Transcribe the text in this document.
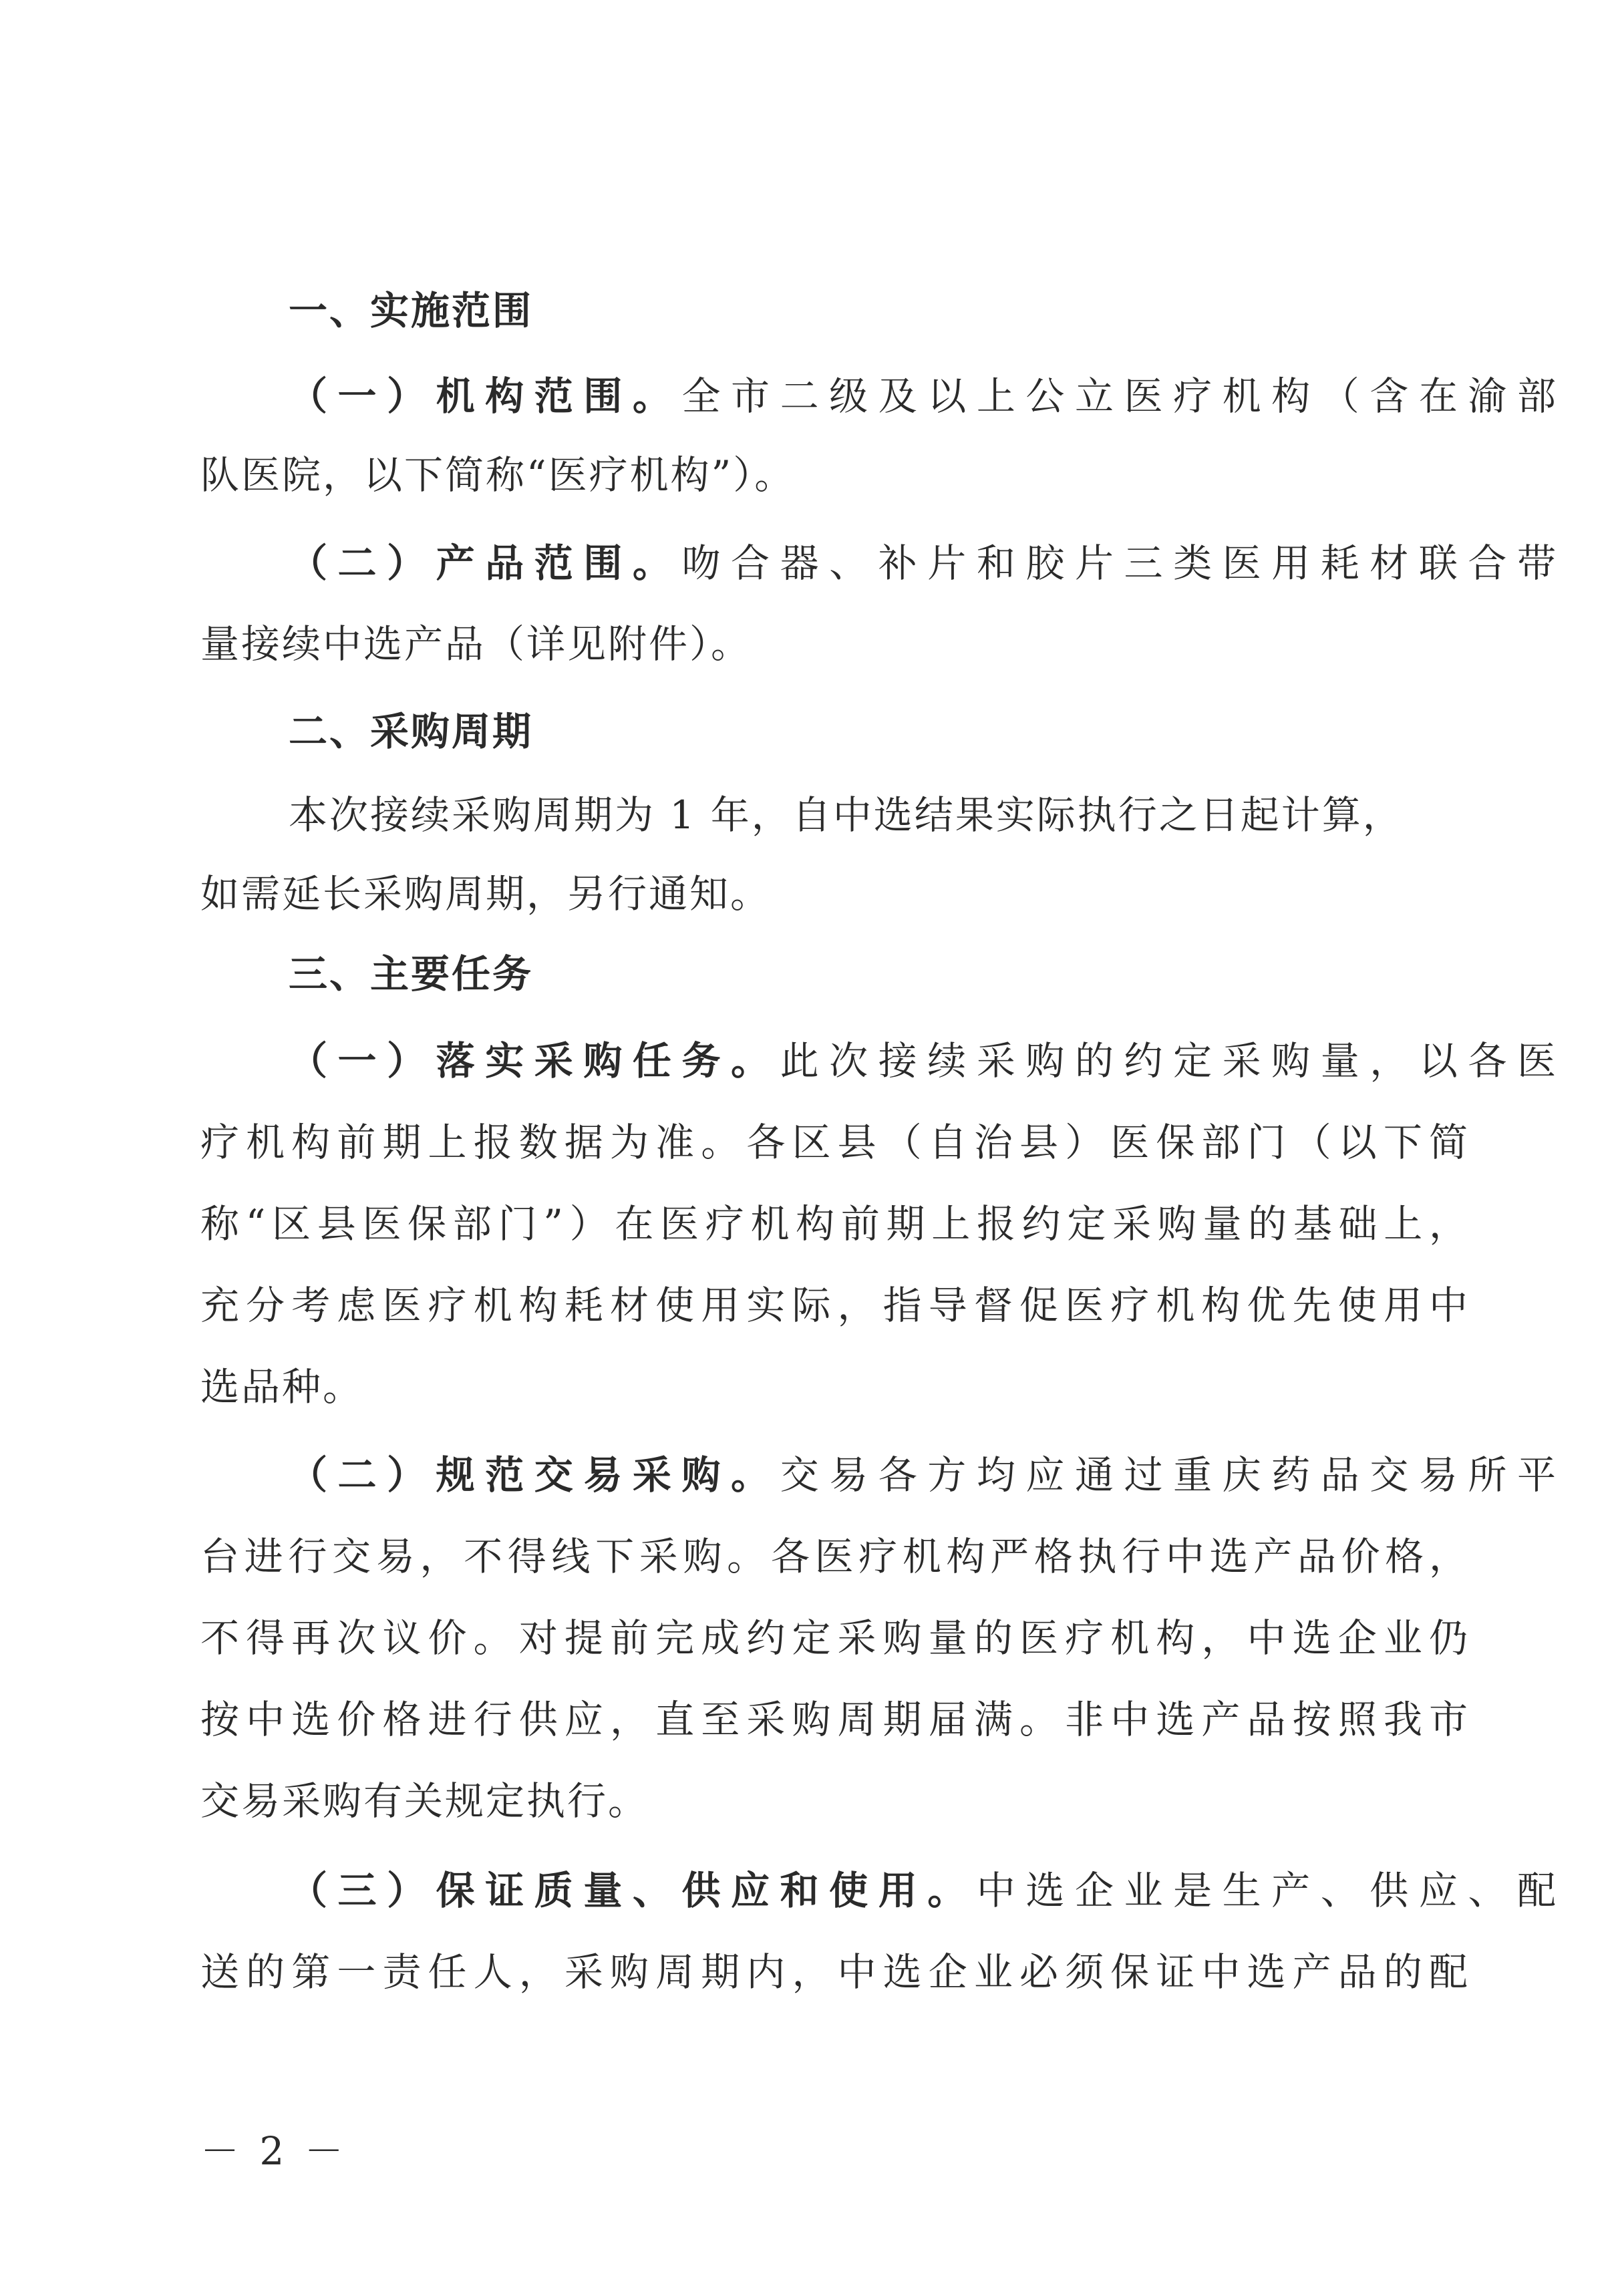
一、实施范围
（一）机构范围。全市二级及以上公立医疗机构（含在渝部
队医院，以下简称“医疗机构”）。
（二）产品范围。吻合器、补片和胶片三类医用耗材联合带
量接续中选产品（详见附件）。
二、采购周期
本次接续采购周期为 1 年，自中选结果实际执行之日起计算，
如需延长采购周期，另行通知。
三、主要任务
（一）落实采购任务。此次接续采购的约定采购量，以各医
疗机构前期上报数据为准。各区县（自治县）医保部门（以下简
称“区县医保部门”）在医疗机构前期上报约定采购量的基础上，
充分考虑医疗机构耗材使用实际，指导督促医疗机构优先使用中
选品种。
（二）规范交易采购。交易各方均应通过重庆药品交易所平
台进行交易，不得线下采购。各医疗机构严格执行中选产品价格，
不得再次议价。对提前完成约定采购量的医疗机构，中选企业仍
按中选价格进行供应，直至采购周期届满。非中选产品按照我市
交易采购有关规定执行。
（三）保证质量、供应和使用。中选企业是生产、供应、配
送的第一责任人，采购周期内，中选企业必须保证中选产品的配
－ 2 －
